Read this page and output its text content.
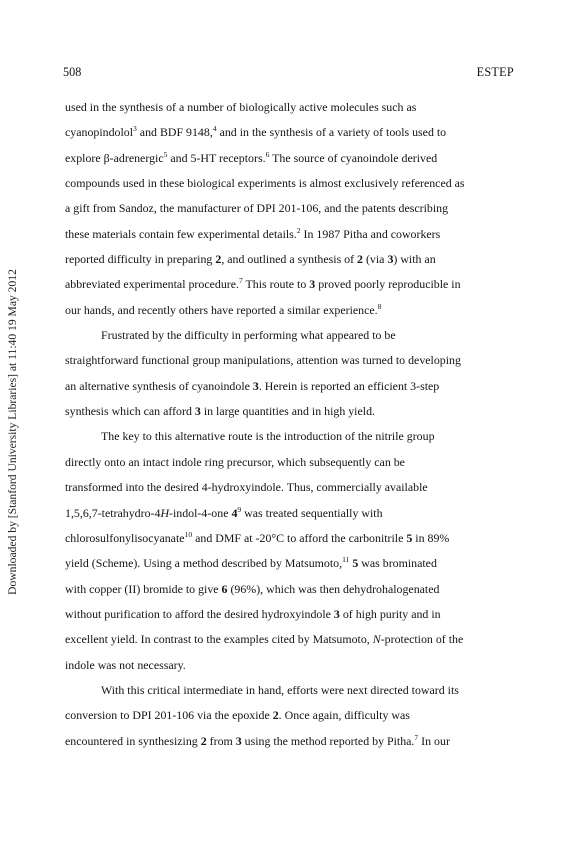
508	ESTEP
Downloaded by [Stanford University Libraries] at 11:40 19 May 2012
used in the synthesis of a number of biologically active molecules such as
cyanopindolol$^3$ and BDF 9148,$^4$ and in the synthesis of a variety of tools used to
explore β-adrenergic$^5$ and 5-HT receptors.$^6$ The source of cyanoindole derived
compounds used in these biological experiments is almost exclusively referenced as
a gift from Sandoz, the manufacturer of DPI 201-106, and the patents describing
these materials contain few experimental details.$^2$ In 1987 Pitha and coworkers
reported difficulty in preparing 2, and outlined a synthesis of 2 (via 3) with an
abbreviated experimental procedure.$^7$ This route to 3 proved poorly reproducible in
our hands, and recently others have reported a similar experience.$^8$
Frustrated by the difficulty in performing what appeared to be
straightforward functional group manipulations, attention was turned to developing
an alternative synthesis of cyanoindole 3. Herein is reported an efficient 3-step
synthesis which can afford 3 in large quantities and in high yield.
The key to this alternative route is the introduction of the nitrile group
directly onto an intact indole ring precursor, which subsequently can be
transformed into the desired 4-hydroxyindole. Thus, commercially available
1,5,6,7-tetrahydro-4H-indol-4-one $4^9$ was treated sequentially with
chlorosulfonylisocyanate$^{10}$ and DMF at -20°C to afford the carbonitrile 5 in 89%
yield (Scheme). Using a method described by Matsumoto,$^{11}$ 5 was brominated
with copper (II) bromide to give 6 (96%), which was then dehydrohalogenated
without purification to afford the desired hydroxyindole 3 of high purity and in
excellent yield. In contrast to the examples cited by Matsumoto, N-protection of the
indole was not necessary.
With this critical intermediate in hand, efforts were next directed toward its
conversion to DPI 201-106 via the epoxide 2. Once again, difficulty was
encountered in synthesizing 2 from 3 using the method reported by Pitha.$^7$ In our
